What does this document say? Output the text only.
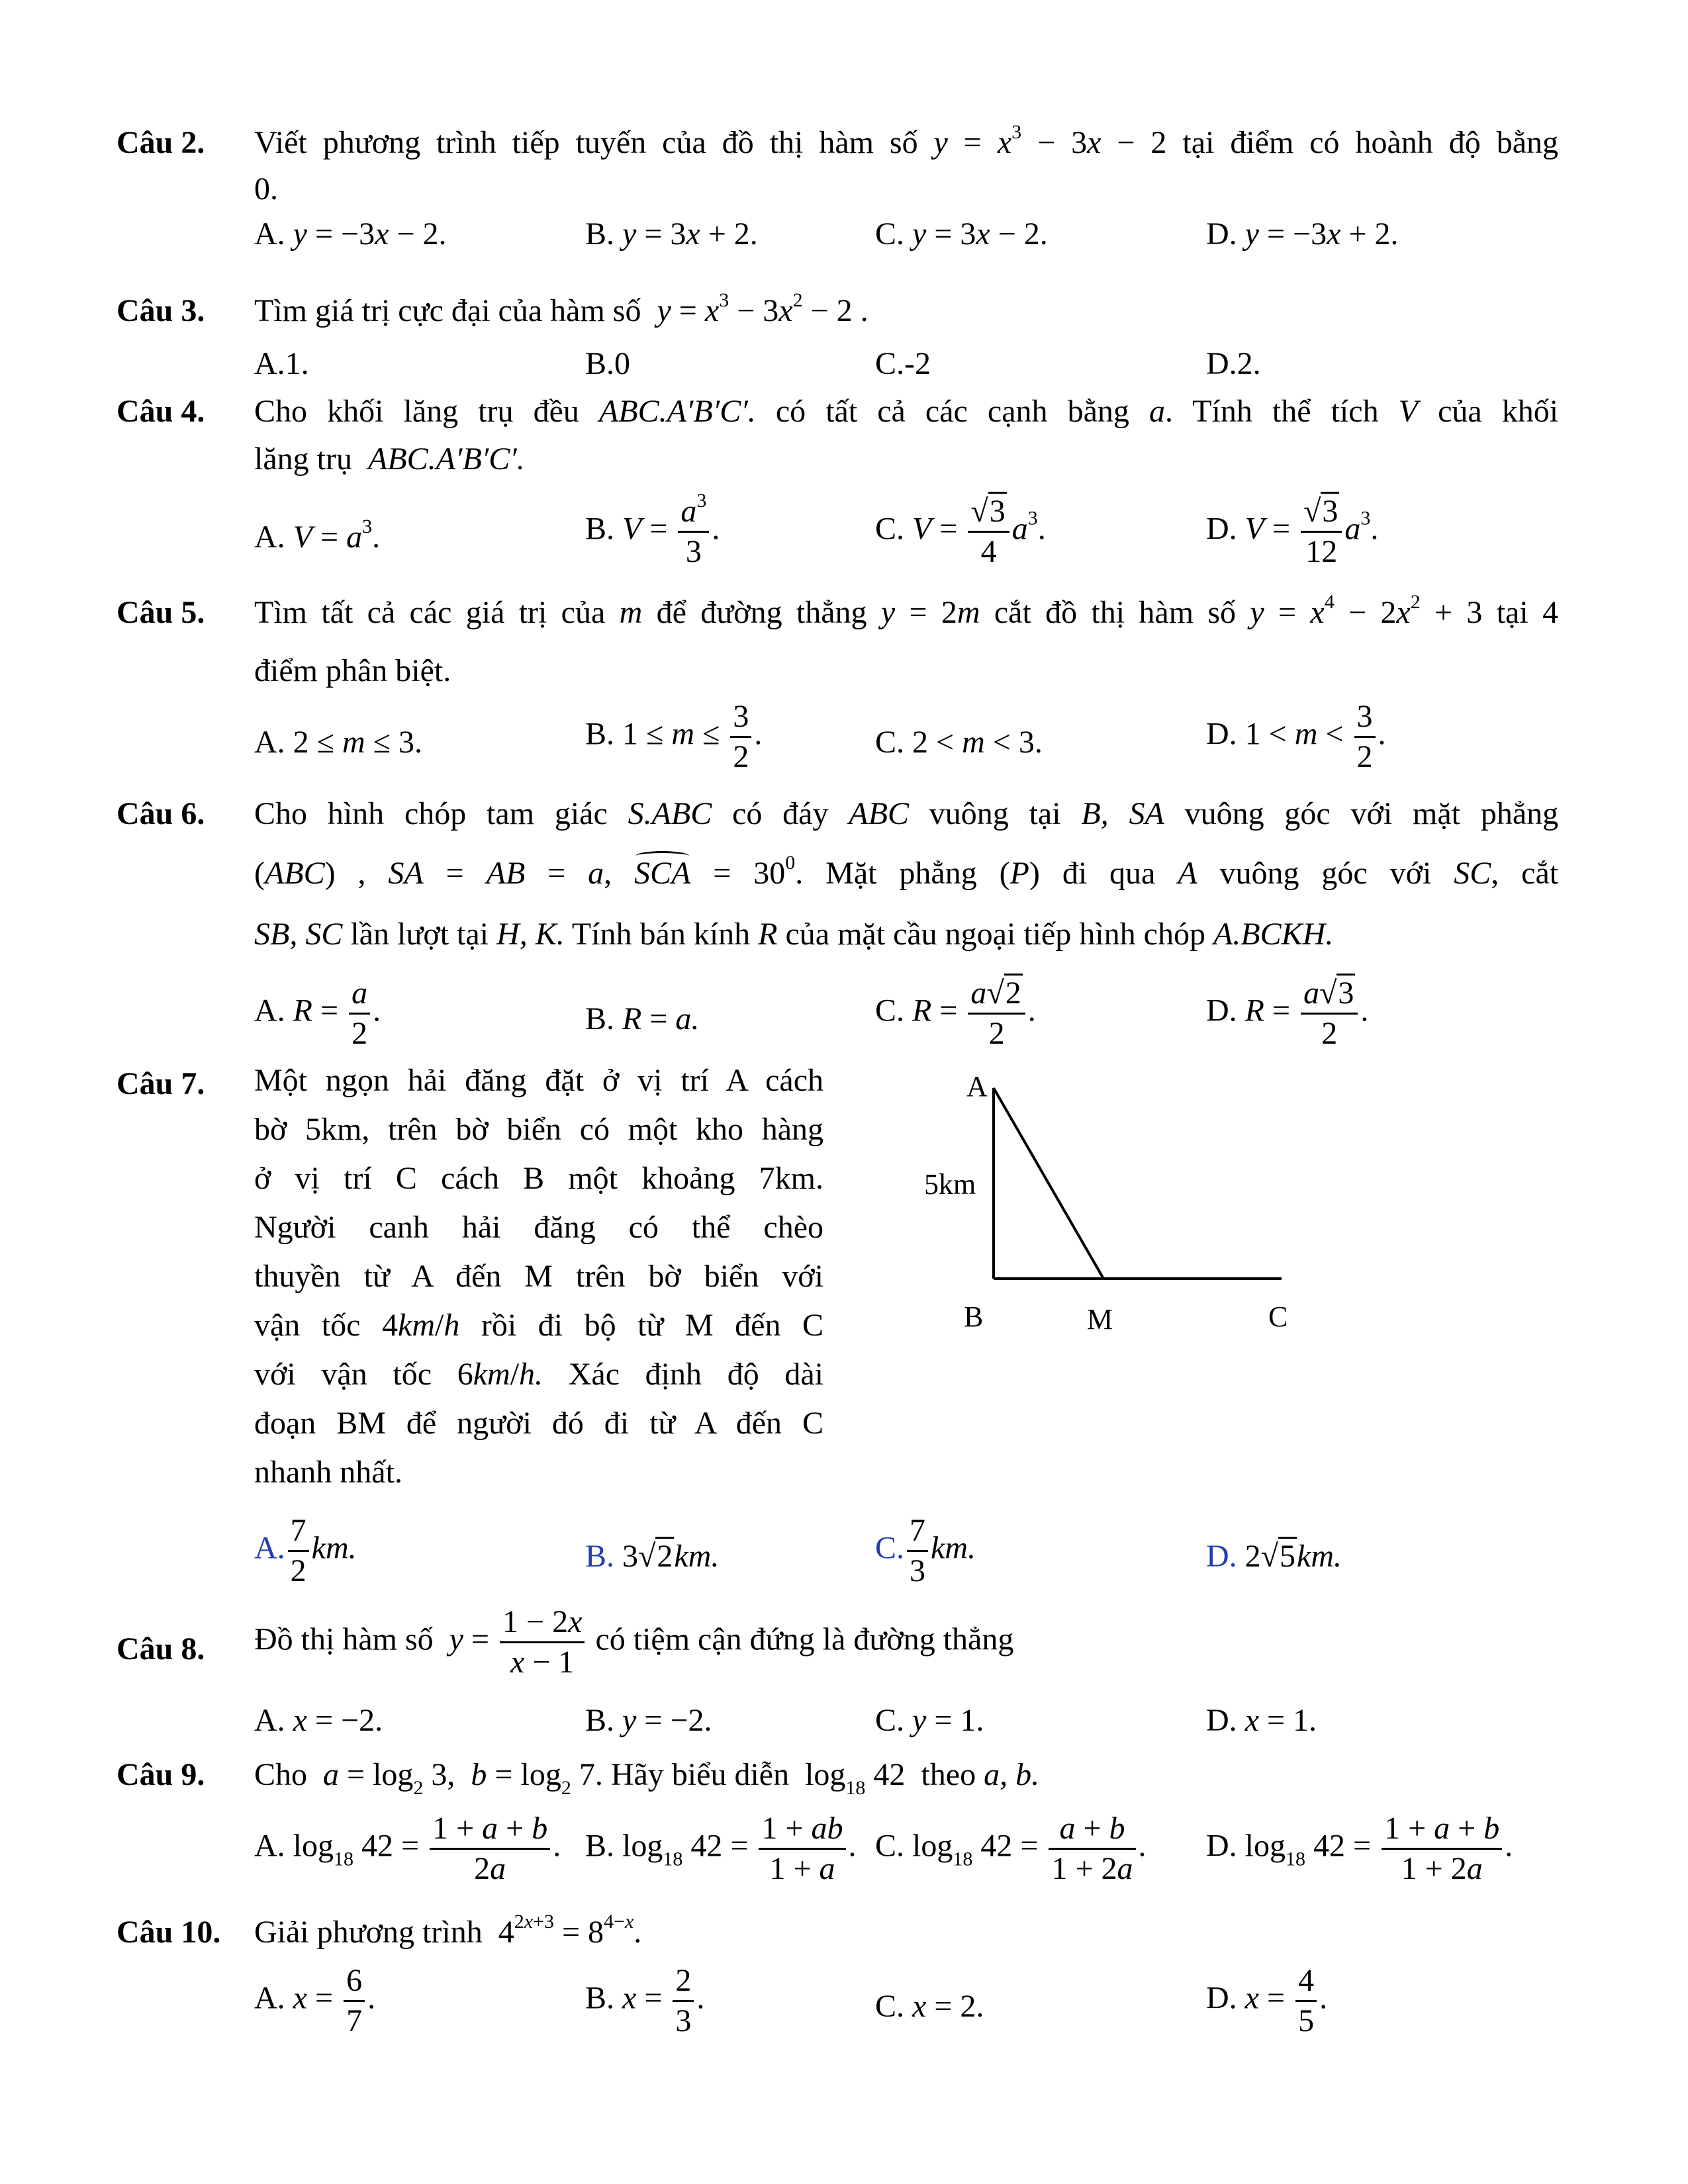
Câu 2. Viết phương trình tiếp tuyến của đồ thị hàm số $y = x^3 - 3x - 2$ tại điểm có hoành độ bằng
0.
A. y = −3x − 2.	B. y = 3x + 2.	C. y = 3x − 2.	D. y = −3x + 2.
Câu 3. Tìm giá trị cực đại của hàm số $y = x^3 - 3x^2 - 2$ .
A.1.	B.0	C.-2	D.2.
Câu 4. Cho khối lăng trụ đều ABC.A′B′C′. có tất cả các cạnh bằng a. Tính thể tích V của khối
lăng trụ ABC.A′B′C′.
A. $V = a^3$.	B. $V = \frac{a^3}{3}$ .	C. $V = \frac{√3}{4} a^3$.	D. $V = \frac{√3}{12} a^3$.
Câu 5. Tìm tất cả các giá trị của m để đường thẳng y = 2m cắt đồ thị hàm số $y = x^4 - 2x^2 + 3$ tại 4
điểm phân biệt.
A. 2 ≤ m ≤ 3.	B. $1 \le m \le \frac{3}{2}$ .	C. 2 < m < 3.	D. $1 < m < \frac{3}{2}$ .
Câu 6. Cho hình chóp tam giác S.ABC có đáy ABC vuông tại B, SA vuông góc với mặt phẳng
(ABC) , SA = AB = a, SCA = $30^0$. Mặt phẳng (P) đi qua A vuông góc với SC, cắt
SB, SC lần lượt tại H, K. Tính bán kính R của mặt cầu ngoại tiếp hình chóp A.BCKH.
A. $R = \frac{a}{2}$ .	B. R = a.	C. $R = \frac{a√2}{2}$ .	D. $R = \frac{a√3}{2}$ .
Câu 7. Một ngọn hải đăng đặt ở vị trí A cách
bờ 5km, trên bờ biển có một kho hàng
ở vị trí C cách B một khoảng 7km.
Người canh hải đăng có thể chèo
thuyền từ A đến M trên bờ biển với
vận tốc 4km/h rồi đi bộ từ M đến C
với vận tốc 6km/h. Xác định độ dài
đoạn BM để người đó đi từ A đến C
nhanh nhất.
A
5km
B	M	C
A. $\frac{7}{2}$ km.	B. 3√2km.	C. $\frac{7}{3}$ km.	D. 2√5km.
Câu 8. Đồ thị hàm số $y = \frac{1 - 2x}{x - 1}$ có tiệm cận đứng là đường thẳng
A. x = −2.	B. y = −2.	C. y = 1.	D. x = 1.
Câu 9. Cho $a = \log_2 3$,  $b = \log_2 7$. Hãy biểu diễn  $\log_{18} 42$  theo a, b.
A. $\log_{18} 42 = \frac{1 + a + b}{2a}$ . B. $\log_{18} 42 = \frac{1 + ab}{1 + a}$ . C. $\log_{18} 42 = \frac{a + b}{1 + 2a}$ . D. $\log_{18} 42 = \frac{1 + a + b}{1 + 2a}$ .
Câu 10. Giải phương trình  $4^{2x+3} = 8^{4-x}$.
A. $x = \frac{6}{7}$ .	B. $x = \frac{2}{3}$ .	C. x = 2.	D. $x = \frac{4}{5}$ .
